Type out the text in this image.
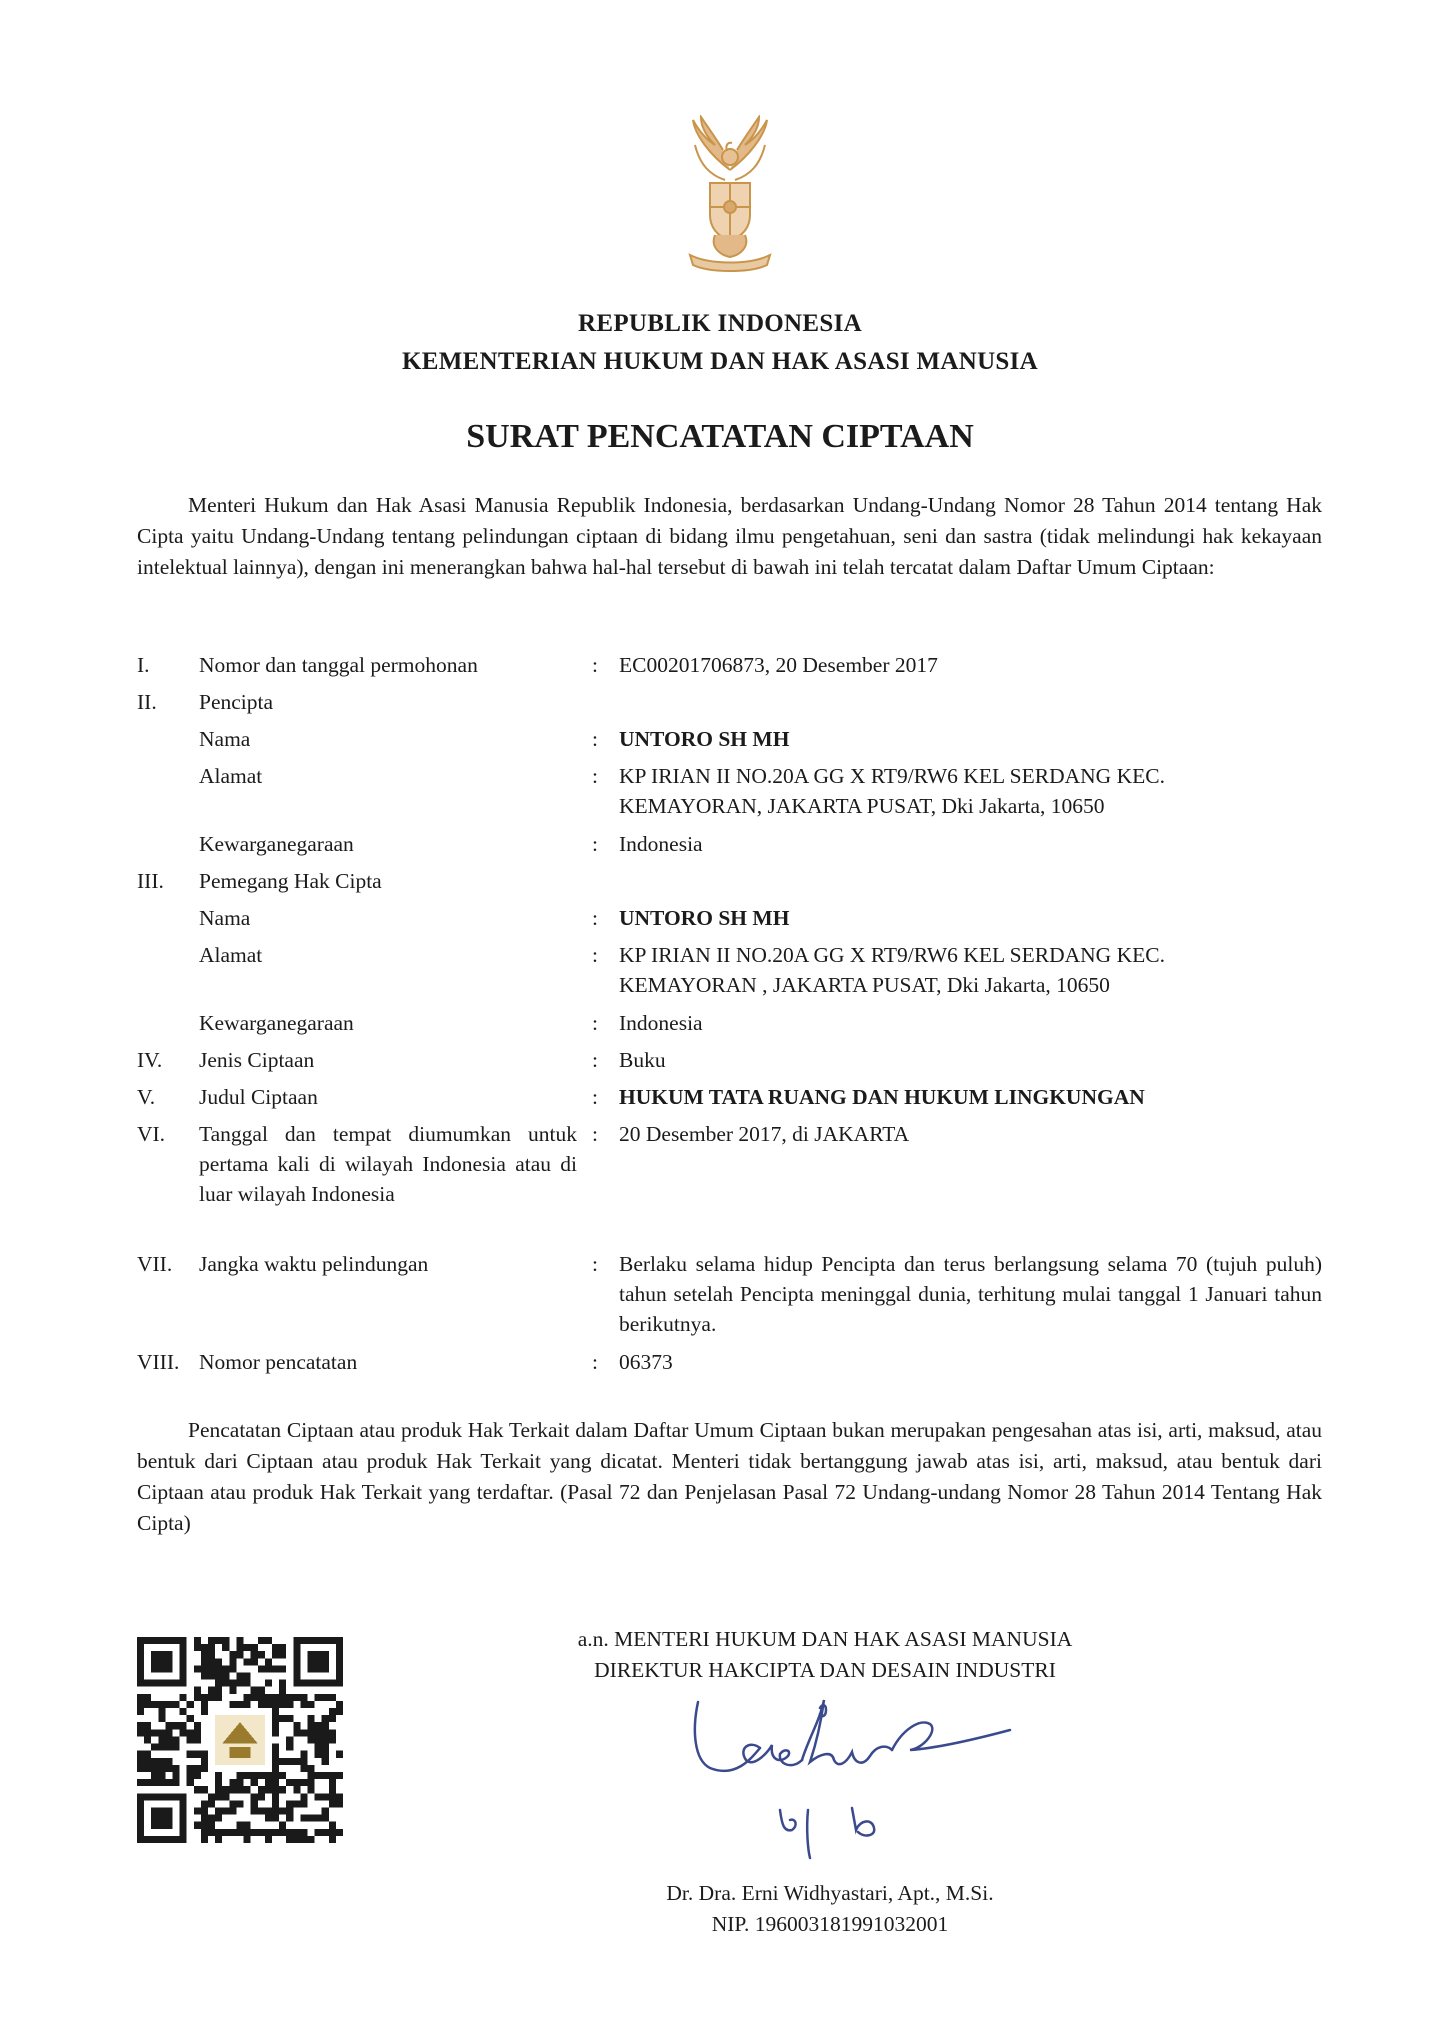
REPUBLIK INDONESIA
KEMENTERIAN HUKUM DAN HAK ASASI MANUSIA
SURAT PENCATATAN CIPTAAN
Menteri Hukum dan Hak Asasi Manusia Republik Indonesia, berdasarkan Undang-Undang Nomor 28 Tahun 2014 tentang Hak Cipta yaitu Undang-Undang tentang pelindungan ciptaan di bidang ilmu pengetahuan, seni dan sastra (tidak melindungi hak kekayaan intelektual lainnya), dengan ini menerangkan bahwa hal-hal tersebut di bawah ini telah tercatat dalam Daftar Umum Ciptaan:
I.	Nomor dan tanggal permohonan	: EC00201706873, 20 Desember 2017
II.	Pencipta
Nama	: UNTORO SH MH
Alamat	: KP IRIAN II NO.20A GG X RT9/RW6 KEL SERDANG KEC.
KEMAYORAN, JAKARTA PUSAT, Dki Jakarta, 10650
Kewarganegaraan	: Indonesia
III.	Pemegang Hak Cipta
Nama	: UNTORO SH MH
Alamat	: KP IRIAN II NO.20A GG X RT9/RW6 KEL SERDANG KEC.
KEMAYORAN , JAKARTA PUSAT, Dki Jakarta, 10650
Kewarganegaraan	: Indonesia
IV.	Jenis Ciptaan	: Buku
V.	Judul Ciptaan	: HUKUM TATA RUANG DAN HUKUM LINGKUNGAN
VI.	Tanggal dan tempat diumumkan untuk pertama kali di wilayah Indonesia atau di luar wilayah Indonesia
: 20 Desember 2017, di JAKARTA
VII.	Jangka waktu pelindungan	: Berlaku selama hidup Pencipta dan terus berlangsung selama 70 (tujuh puluh) tahun setelah Pencipta meninggal dunia, terhitung mulai tanggal 1 Januari tahun berikutnya.
VIII. Nomor pencatatan	: 06373
Pencatatan Ciptaan atau produk Hak Terkait dalam Daftar Umum Ciptaan bukan merupakan pengesahan atas isi, arti, maksud, atau bentuk dari Ciptaan atau produk Hak Terkait yang dicatat. Menteri tidak bertanggung jawab atas isi, arti, maksud, atau bentuk dari Ciptaan atau produk Hak Terkait yang terdaftar. (Pasal 72 dan Penjelasan Pasal 72 Undang-undang Nomor 28 Tahun 2014 Tentang Hak Cipta)
a.n. MENTERI HUKUM DAN HAK ASASI MANUSIA
DIREKTUR HAKCIPTA DAN DESAIN INDUSTRI
Dr. Dra. Erni Widhyastari, Apt., M.Si.
NIP. 196003181991032001
